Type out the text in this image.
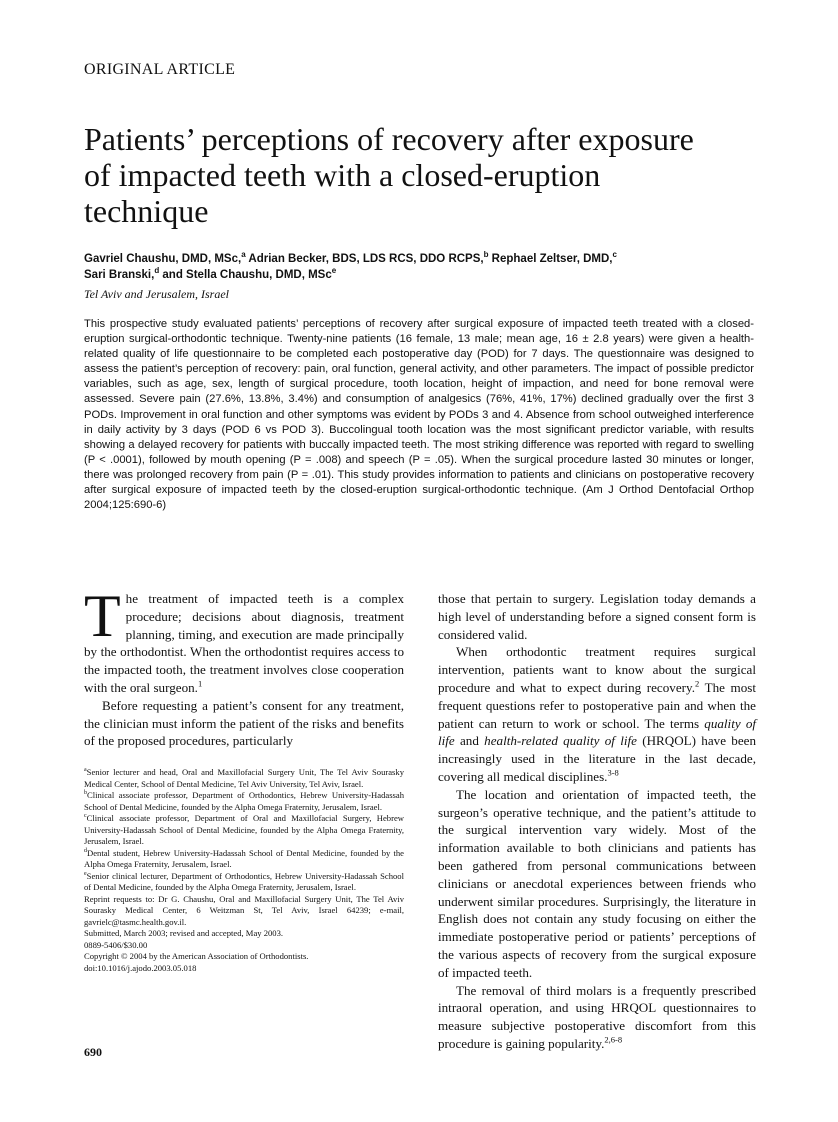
ORIGINAL ARTICLE
Patients’ perceptions of recovery after exposure of impacted teeth with a closed-eruption technique
Gavriel Chaushu, DMD, MSc,$^a$ Adrian Becker, BDS, LDS RCS, DDO RCPS,$^b$ Rephael Zeltser, DMD,$^c$
Sari Branski,$^d$ and Stella Chaushu, DMD, MSc$^e$
Tel Aviv and Jerusalem, Israel
This prospective study evaluated patients’ perceptions of recovery after surgical exposure of impacted teeth treated with a closed-eruption surgical-orthodontic technique. Twenty-nine patients (16 female, 13 male; mean age, 16 ± 2.8 years) were given a health-related quality of life questionnaire to be completed each postoperative day (POD) for 7 days. The questionnaire was designed to assess the patient’s perception of recovery: pain, oral function, general activity, and other parameters. The impact of possible predictor variables, such as age, sex, length of surgical procedure, tooth location, height of impaction, and need for bone removal were assessed. Severe pain (27.6%, 13.8%, 3.4%) and consumption of analgesics (76%, 41%, 17%) declined gradually over the first 3 PODs. Improvement in oral function and other symptoms was evident by PODs 3 and 4. Absence from school outweighed interference in daily activity by 3 days (POD 6 vs POD 3). Buccolingual tooth location was the most significant predictor variable, with results showing a delayed recovery for patients with buccally impacted teeth. The most striking difference was reported with regard to swelling (P < .0001), followed by mouth opening (P = .008) and speech (P = .05). When the surgical procedure lasted 30 minutes or longer, there was prolonged recovery from pain (P = .01). This study provides information to patients and clinicians on postoperative recovery after surgical exposure of impacted teeth by the closed-eruption surgical-orthodontic technique. (Am J Orthod Dentofacial Orthop 2004;125:690-6)

The treatment of impacted teeth is a complex procedure; decisions about diagnosis, treatment planning, timing, and execution are made principally by the orthodontist. When the orthodontist requires access to the impacted tooth, the treatment involves close cooperation with the oral surgeon.$^1$

Before requesting a patient’s consent for any treatment, the clinician must inform the patient of the risks and benefits of the proposed procedures, particularly

$^a$Senior lecturer and head, Oral and Maxillofacial Surgery Unit, The Tel Aviv Sourasky Medical Center, School of Dental Medicine, Tel Aviv University, Tel Aviv, Israel.
$^b$Clinical associate professor, Department of Orthodontics, Hebrew University-Hadassah School of Dental Medicine, founded by the Alpha Omega Fraternity, Jerusalem, Israel.
$^c$Clinical associate professor, Department of Oral and Maxillofacial Surgery, Hebrew University-Hadassah School of Dental Medicine, founded by the Alpha Omega Fraternity, Jerusalem, Israel.
$^d$Dental student, Hebrew University-Hadassah School of Dental Medicine, founded by the Alpha Omega Fraternity, Jerusalem, Israel.
$^e$Senior clinical lecturer, Department of Orthodontics, Hebrew University-Hadassah School of Dental Medicine, founded by the Alpha Omega Fraternity, Jerusalem, Israel.
Reprint requests to: Dr G. Chaushu, Oral and Maxillofacial Surgery Unit, The Tel Aviv Sourasky Medical Center, 6 Weitzman St, Tel Aviv, Israel 64239; e-mail, gavrielc@tasmc.health.gov.il.
Submitted, March 2003; revised and accepted, May 2003.
0889-5406/$30.00
Copyright © 2004 by the American Association of Orthodontists.
doi:10.1016/j.ajodo.2003.05.018

those that pertain to surgery. Legislation today demands a high level of understanding before a signed consent form is considered valid.

When orthodontic treatment requires surgical intervention, patients want to know about the surgical procedure and what to expect during recovery.$^2$ The most frequent questions refer to postoperative pain and when the patient can return to work or school. The terms quality of life and health-related quality of life (HRQOL) have been increasingly used in the literature in the last decade, covering all medical disciplines.$^{3-8}$

The location and orientation of impacted teeth, the surgeon’s operative technique, and the patient’s attitude to the surgical intervention vary widely. Most of the information available to both clinicians and patients has been gathered from personal communications between clinicians or anecdotal experiences between friends who underwent similar procedures. Surprisingly, the literature in English does not contain any study focusing on either the immediate postoperative period or patients’ perceptions of the various aspects of recovery from the surgical exposure of impacted teeth.

The removal of third molars is a frequently prescribed intraoral operation, and using HRQOL questionnaires to measure subjective postoperative discomfort from this procedure is gaining popularity.$^{2,6-8}$

690
